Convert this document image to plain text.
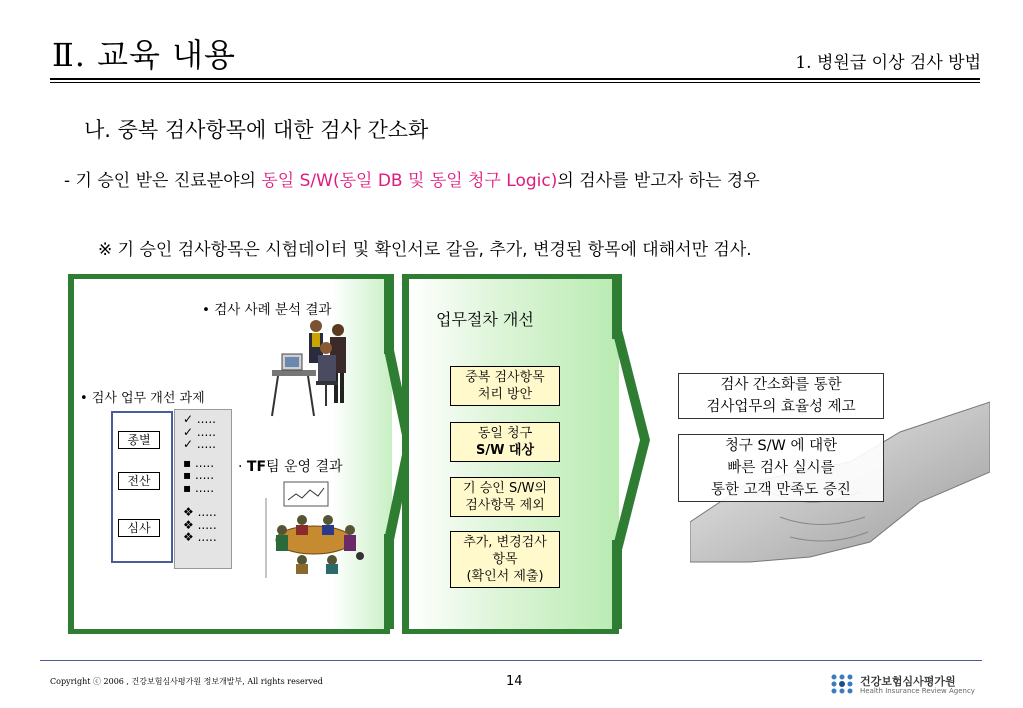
Ⅱ. 교육 내용	1. 병원급 이상 검사 방법
나. 중복 검사항목에 대한 검사 간소화
- 기 승인 받은 진료분야의 동일 S/W(동일 DB 및 동일 청구 Logic)의 검사를 받고자 하는 경우
※ 기 승인 검사항목은 시험데이터 및 확인서로 갈음, 추가, 변경된 항목에 대해서만 검사.
• 검사 사례 분석 결과
• 검사 업무 개선 과제
종별
전산
심사
✓ .....
✓ .....
✓ .....
▪ .....
▪ .....
▪ .....
❖ .....
❖ .....
❖ .....
· TF팀 운영 결과
업무절차 개선
중복 검사항목
처리 방안
동일 청구
S/W 대상
기 승인 S/W의
검사항목 제외
추가, 변경검사
항목
(확인서 제출)
검사 간소화를 통한
검사업무의 효율성 제고
청구 S/W 에 대한
빠른 검사 실시를
통한 고객 만족도 증진
Copyright ⓒ 2006 , 건강보험심사평가원 정보개발부, All rights reserved	14	건강보험심사평가원
Health Insurance Review Agency
